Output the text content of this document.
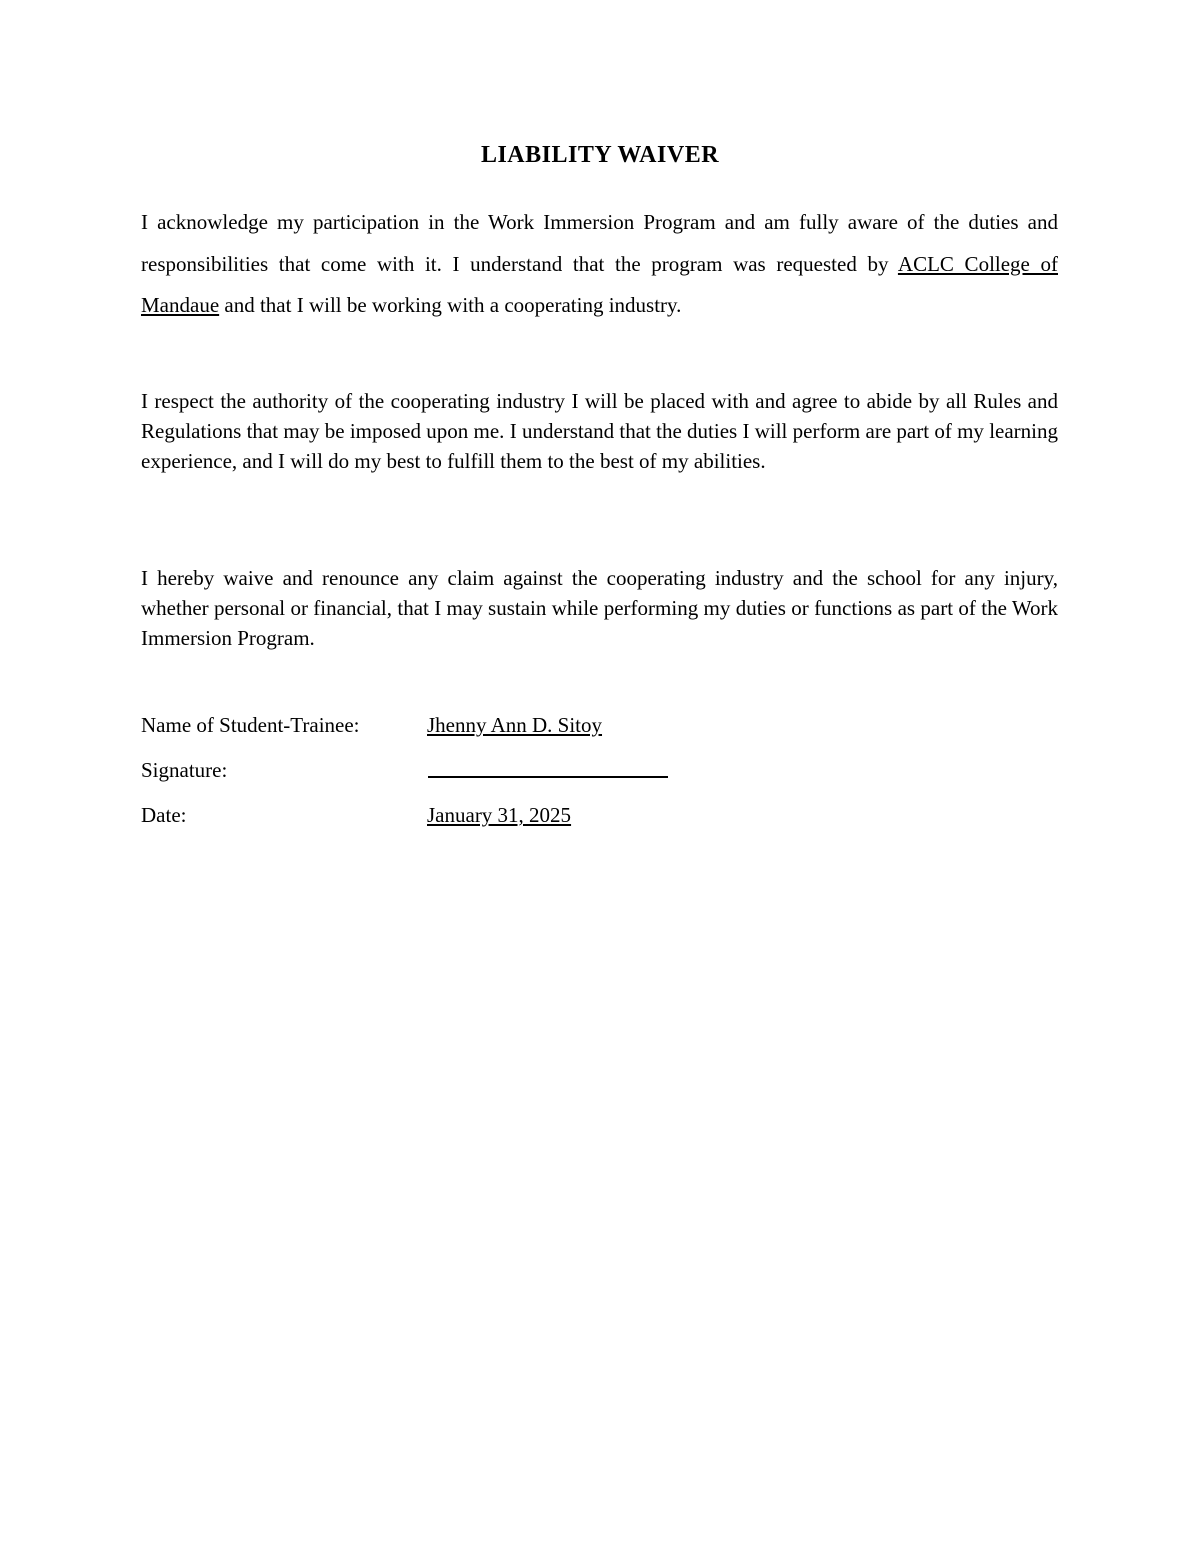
LIABILITY WAIVER

I acknowledge my participation in the Work Immersion Program and am fully aware of the duties and responsibilities that come with it. I understand that the program was requested by ACLC College of Mandaue and that I will be working with a cooperating industry.

I respect the authority of the cooperating industry I will be placed with and agree to abide by all Rules and Regulations that may be imposed upon me. I understand that the duties I will perform are part of my learning experience, and I will do my best to fulfill them to the best of my abilities.

I hereby waive and renounce any claim against the cooperating industry and the school for any injury, whether personal or financial, that I may sustain while performing my duties or functions as part of the Work Immersion Program.

Name of Student-Trainee:	Jhenny Ann D. Sitoy
Signature:
Date:	January 31, 2025
